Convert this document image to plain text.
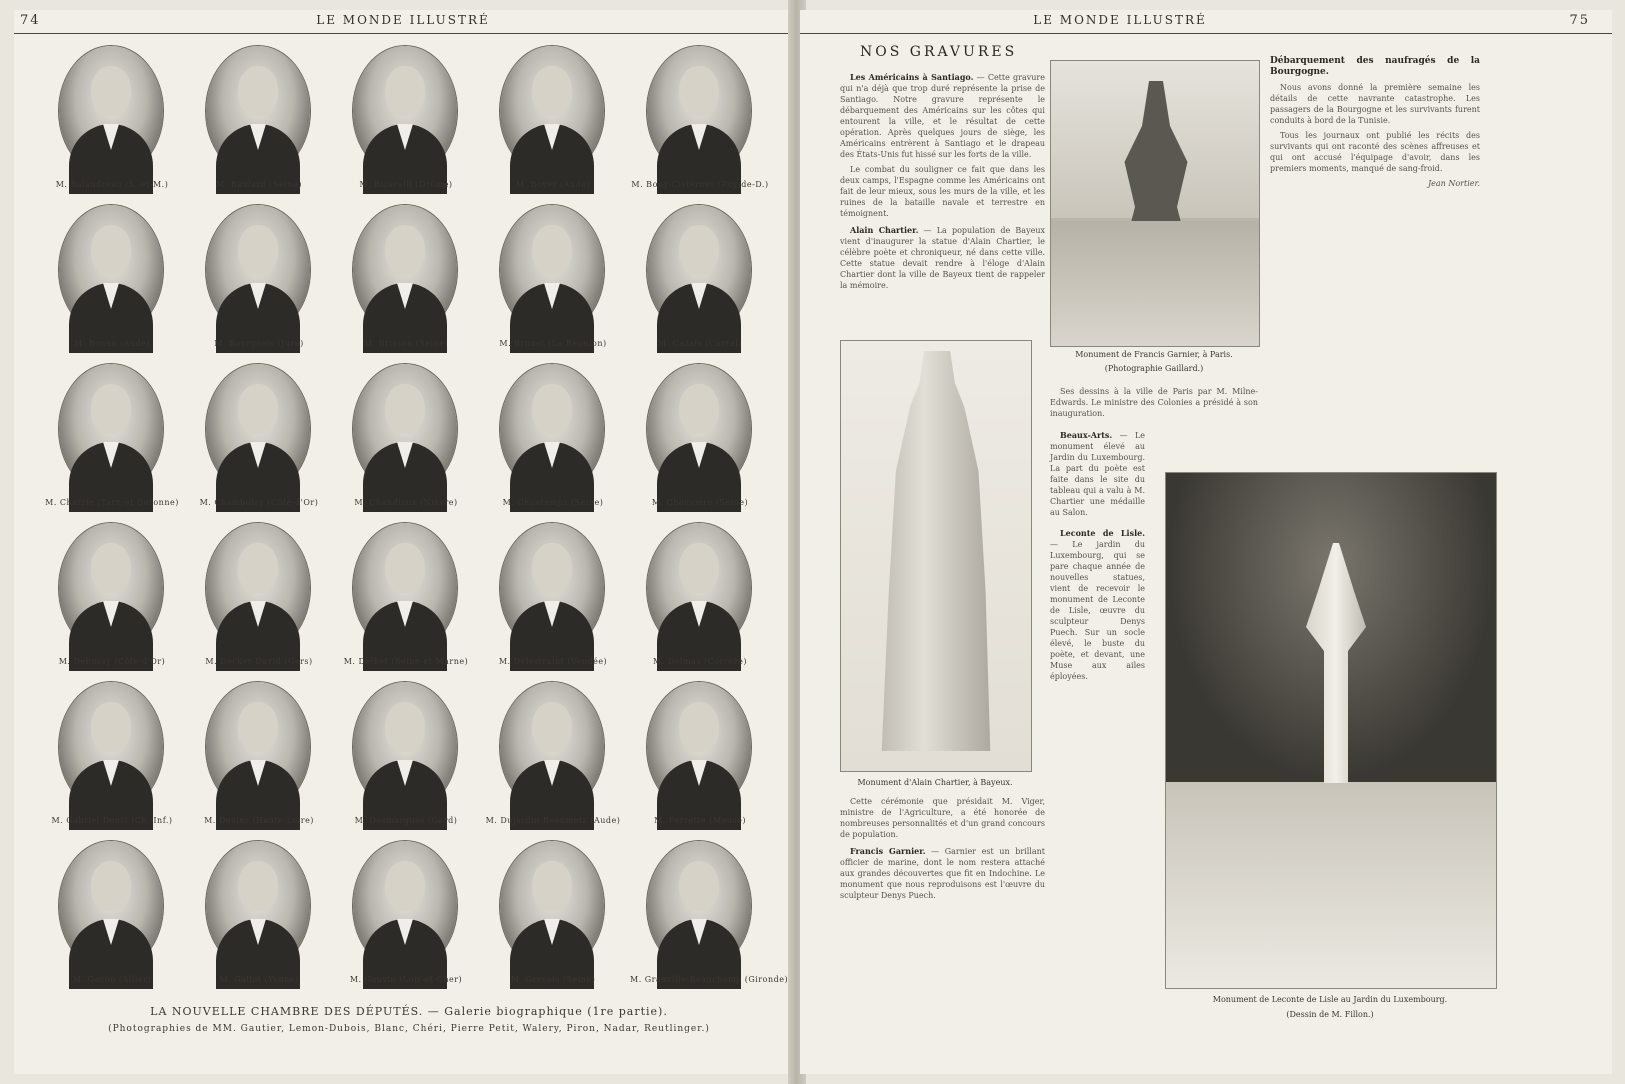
74	LE MONDE ILLUSTRÉ
M. Balandreau (S.-et-M.)	M. Baulard (Seine)	M. Bizarelli (Drôme)	M. Boyer (Aude)	M. Bony-Cisternes (Puy-de-D.)
M. Bonne (Aude)	M. Bourgeois (Jura)	M. Brisson (Seine)	M. Brunet (La Réunion)	M. Cazals (Cantal)
M. Charrie (Tarn-et-Garonne)	M. Chambolay (Côte-d'Or)	M. Chandioux (Nièvre)	M. Chautemps (Seine)	M. Chauvière (Seine)
M. Debussy (Côte-d'Or)	M. Decker-David (Gers)	M. Delbet (Seine-et-Marne)	M. Delestraint (Vendée)	M. Delmas (Corrèze)
M. Gabriel Denis (Ch.-Inf.)	M. Devins (Haute-Loire)	M. Desmargues (Gard)	M. Dujardin-Beaumetz (Aude)	M. Ferrette (Meuse)
M. Gacon (Allier)	M. Gallot (Yonne)	M. Gauvin (Loir-et-Cher)	M. Gervais (Seine)	M. Granville-Beauchamp (Gironde)
LA NOUVELLE CHAMBRE DES DÉPUTÉS. — Galerie biographique (1re partie).
(Photographies de MM. Gautier, Lemon-Dubois, Blanc, Chéri, Pierre Petit, Walery, Piron, Nadar, Reutlinger.)
LE MONDE ILLUSTRÉ	75
NOS GRAVURES

Les Américains à Santiago. — Cette gravure qui n'a déjà que trop duré représente la prise de Santiago. Notre gravure représente le débarquement des Américains sur les côtes qui entourent la ville, et le résultat de cette opération. Après quelques jours de siège, les Américains entrèrent à Santiago et le drapeau des États-Unis fut hissé sur les forts de la ville.

Le combat du souligner ce fait que dans les deux camps, l'Espagne comme les Américains ont fait de leur mieux, sous les murs de la ville, et les ruines de la bataille navale et terrestre en témoignent.

Alain Chartier. — La population de Bayeux vient d'inaugurer la statue d'Alain Chartier, le célèbre poète et chroniqueur, né dans cette ville. Cette statue devait rendre à l'éloge d'Alain Chartier dont la ville de Bayeux tient de rappeler la mémoire.

Monument d'Alain Chartier, à Bayeux.

Cette cérémonie que présidait M. Viger, ministre de l'Agriculture, a été honorée de nombreuses personnalités et d'un grand concours de population.

Francis Garnier. — Garnier est un brillant officier de marine, dont le nom restera attaché aux grandes découvertes que fit en Indochine. Le monument que nous reproduisons est l'œuvre du sculpteur Denys Puech.

Monument de Francis Garnier, à Paris.
(Photographie Gaillard.)

Ses dessins à la ville de Paris par M. Milne-Edwards. Le ministre des Colonies a présidé à son inauguration.

Beaux-Arts. — Le monument élevé au Jardin du Luxembourg. La part du poète est faite dans le site du tableau qui a valu à M. Chartier une médaille au Salon.

Leconte de Lisle. — Le jardin du Luxembourg, qui se pare chaque année de nouvelles statues, vient de recevoir le monument de Leconte de Lisle, œuvre du sculpteur Denys Puech. Sur un socle élevé, le buste du poète, et devant, une Muse aux ailes éployées.

Débarquement des naufragés de la Bourgogne.

Nous avons donné la première semaine les détails de cette navrante catastrophe. Les passagers de la Bourgogne et les survivants furent conduits à bord de la Tunisie.

Tous les journaux ont publié les récits des survivants qui ont raconté des scènes affreuses et qui ont accusé l'équipage d'avoir, dans les premiers moments, manqué de sang-froid.

Jean Nortier.

Monument de Leconte de Lisle au Jardin du Luxembourg.
(Dessin de M. Fillon.)
